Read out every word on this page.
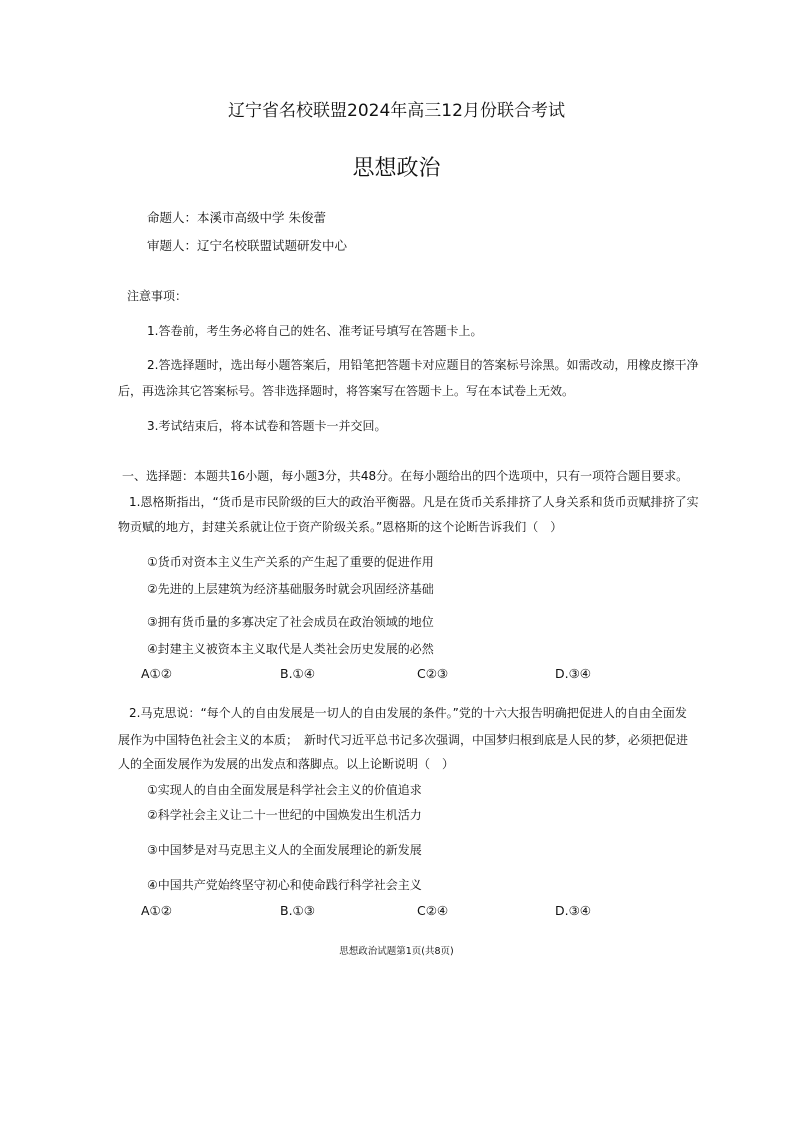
辽宁省名校联盟2024年高三12月份联合考试
思想政治
命题人：本溪市高级中学 朱俊蕾
审题人：辽宁名校联盟试题研发中心
注意事项：
1.答卷前，考生务必将自己的姓名、准考证号填写在答题卡上。
2.答选择题时，选出每小题答案后，用铅笔把答题卡对应题目的答案标号涂黑。如需改动，用橡皮擦干净
后，再选涂其它答案标号。答非选择题时，将答案写在答题卡上。写在本试卷上无效。
3.考试结束后，将本试卷和答题卡一并交回。
一、选择题：本题共16小题，每小题3分，共48分。在每小题给出的四个选项中，只有一项符合题目要求。
1.恩格斯指出，“货币是市民阶级的巨大的政治平衡器。凡是在货币关系排挤了人身关系和货币贡赋排挤了实
物贡赋的地方，封建关系就让位于资产阶级关系。”恩格斯的这个论断告诉我们（　）
①货币对资本主义生产关系的产生起了重要的促进作用
②先进的上层建筑为经济基础服务时就会巩固经济基础
③拥有货币量的多寡决定了社会成员在政治领域的地位
④封建主义被资本主义取代是人类社会历史发展的必然
A①②	B.①④	C②③	D.③④
2.马克思说：“每个人的自由发展是一切人的自由发展的条件。”党的十六大报告明确把促进人的自由全面发
展作为中国特色社会主义的本质；　新时代习近平总书记多次强调，中国梦归根到底是人民的梦，必须把促进
人的全面发展作为发展的出发点和落脚点。以上论断说明（　）
①实现人的自由全面发展是科学社会主义的价值追求
②科学社会主义让二十一世纪的中国焕发出生机活力
③中国梦是对马克思主义人的全面发展理论的新发展
④中国共产党始终坚守初心和使命践行科学社会主义
A①②	B.①③	C②④	D.③④
思想政治试题第1页(共8页)
